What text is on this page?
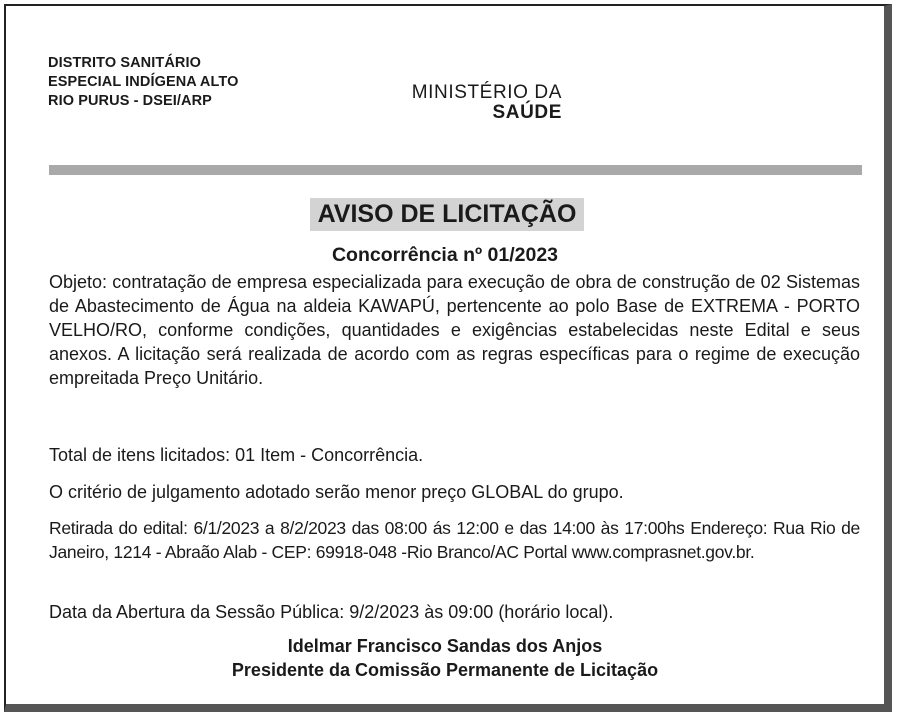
DISTRITO SANITÁRIO
ESPECIAL INDÍGENA ALTO
RIO PURUS - DSEI/ARP	MINISTÉRIO DA
SAÚDE
AVISO DE LICITAÇÃO
Concorrência nº 01/2023
Objeto: contratação de empresa especializada para execução de obra de construção de 02 Sistemas de Abastecimento de Água na aldeia KAWAPÚ, pertencente ao polo Base de EXTREMA - PORTO VELHO/RO, conforme condições, quantidades e exigências estabelecidas neste Edital e seus anexos. A licitação será realizada de acordo com as regras específicas para o regime de execução empreitada Preço Unitário.
Total de itens licitados: 01 Item - Concorrência.
O critério de julgamento adotado serão menor preço GLOBAL do grupo.
Retirada do edital: 6/1/2023 a 8/2/2023 das 08:00 ás 12:00 e das 14:00 às 17:00hs Endereço: Rua Rio de Janeiro, 1214 - Abraão Alab - CEP: 69918-048 -Rio Branco/AC Portal www.comprasnet.gov.br.
Data da Abertura da Sessão Pública: 9/2/2023 às 09:00 (horário local).
Idelmar Francisco Sandas dos Anjos
Presidente da Comissão Permanente de Licitação
